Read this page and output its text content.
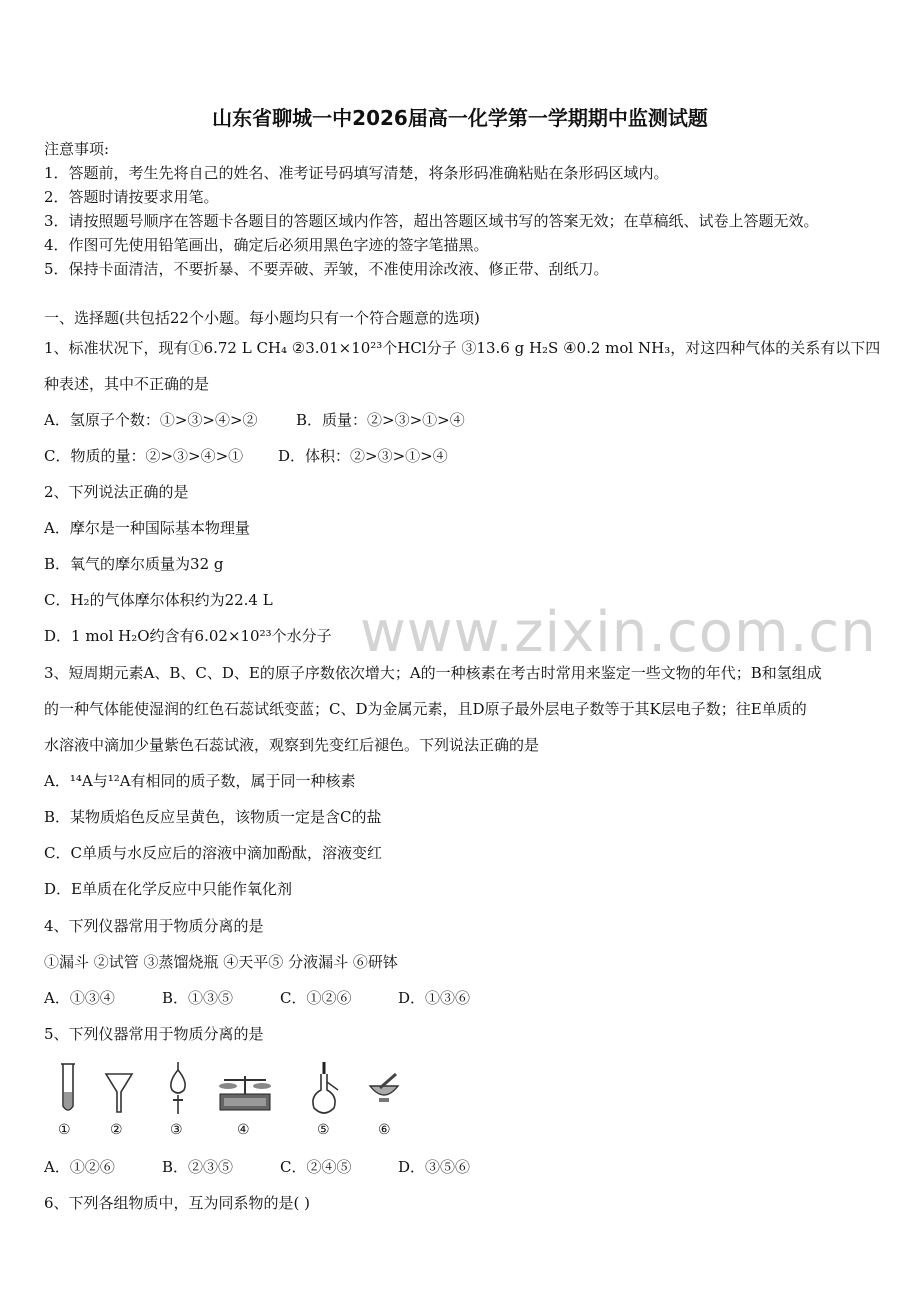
www.zixin.com.cn
山东省聊城一中2026届高一化学第一学期期中监测试题
注意事项:
1．答题前，考生先将自己的姓名、准考证号码填写清楚，将条形码准确粘贴在条形码区域内。
2．答题时请按要求用笔。
3．请按照题号顺序在答题卡各题目的答题区域内作答，超出答题区域书写的答案无效；在草稿纸、试卷上答题无效。
4．作图可先使用铅笔画出，确定后必须用黑色字迹的签字笔描黑。
5．保持卡面清洁，不要折暴、不要弄破、弄皱，不准使用涂改液、修正带、刮纸刀。
一、选择题(共包括22个小题。每小题均只有一个符合题意的选项)
1、标准状况下，现有①6.72 L CH₄ ②3.01×10²³个HCl分子 ③13.6 g H₂S ④0.2 mol NH₃，对这四种气体的关系有以下四
种表述，其中不正确的是
A．氢原子个数：①>③>④>②	B．质量：②>③>①>④
C．物质的量：②>③>④>① D．体积：②>③>①>④
2、下列说法正确的是
A．摩尔是一种国际基本物理量
B．氧气的摩尔质量为32 g
C．H₂的气体摩尔体积约为22.4 L
D．1 mol H₂O约含有6.02×10²³个水分子
3、短周期元素A、B、C、D、E的原子序数依次增大；A的一种核素在考古时常用来鉴定一些文物的年代；B和氢组成
的一种气体能使湿润的红色石蕊试纸变蓝；C、D为金属元素，且D原子最外层电子数等于其K层电子数；往E单质的
水溶液中滴加少量紫色石蕊试液，观察到先变红后褪色。下列说法正确的是
A．¹⁴A与¹²A有相同的质子数，属于同一种核素
B．某物质焰色反应呈黄色，该物质一定是含C的盐
C．C单质与水反应后的溶液中滴加酚酞，溶液变红
D．E单质在化学反应中只能作氧化剂
4、下列仪器常用于物质分离的是
①漏斗 ②试管 ③蒸馏烧瓶 ④天平⑤ 分液漏斗 ⑥研钵
A．①③④	B．①③⑤	C．①②⑥	D．①③⑥
5、下列仪器常用于物质分离的是
①	②	③	④	⑤	⑥
A．①②⑥	B．②③⑤	C．②④⑤	D．③⑤⑥
6、下列各组物质中，互为同系物的是( )
